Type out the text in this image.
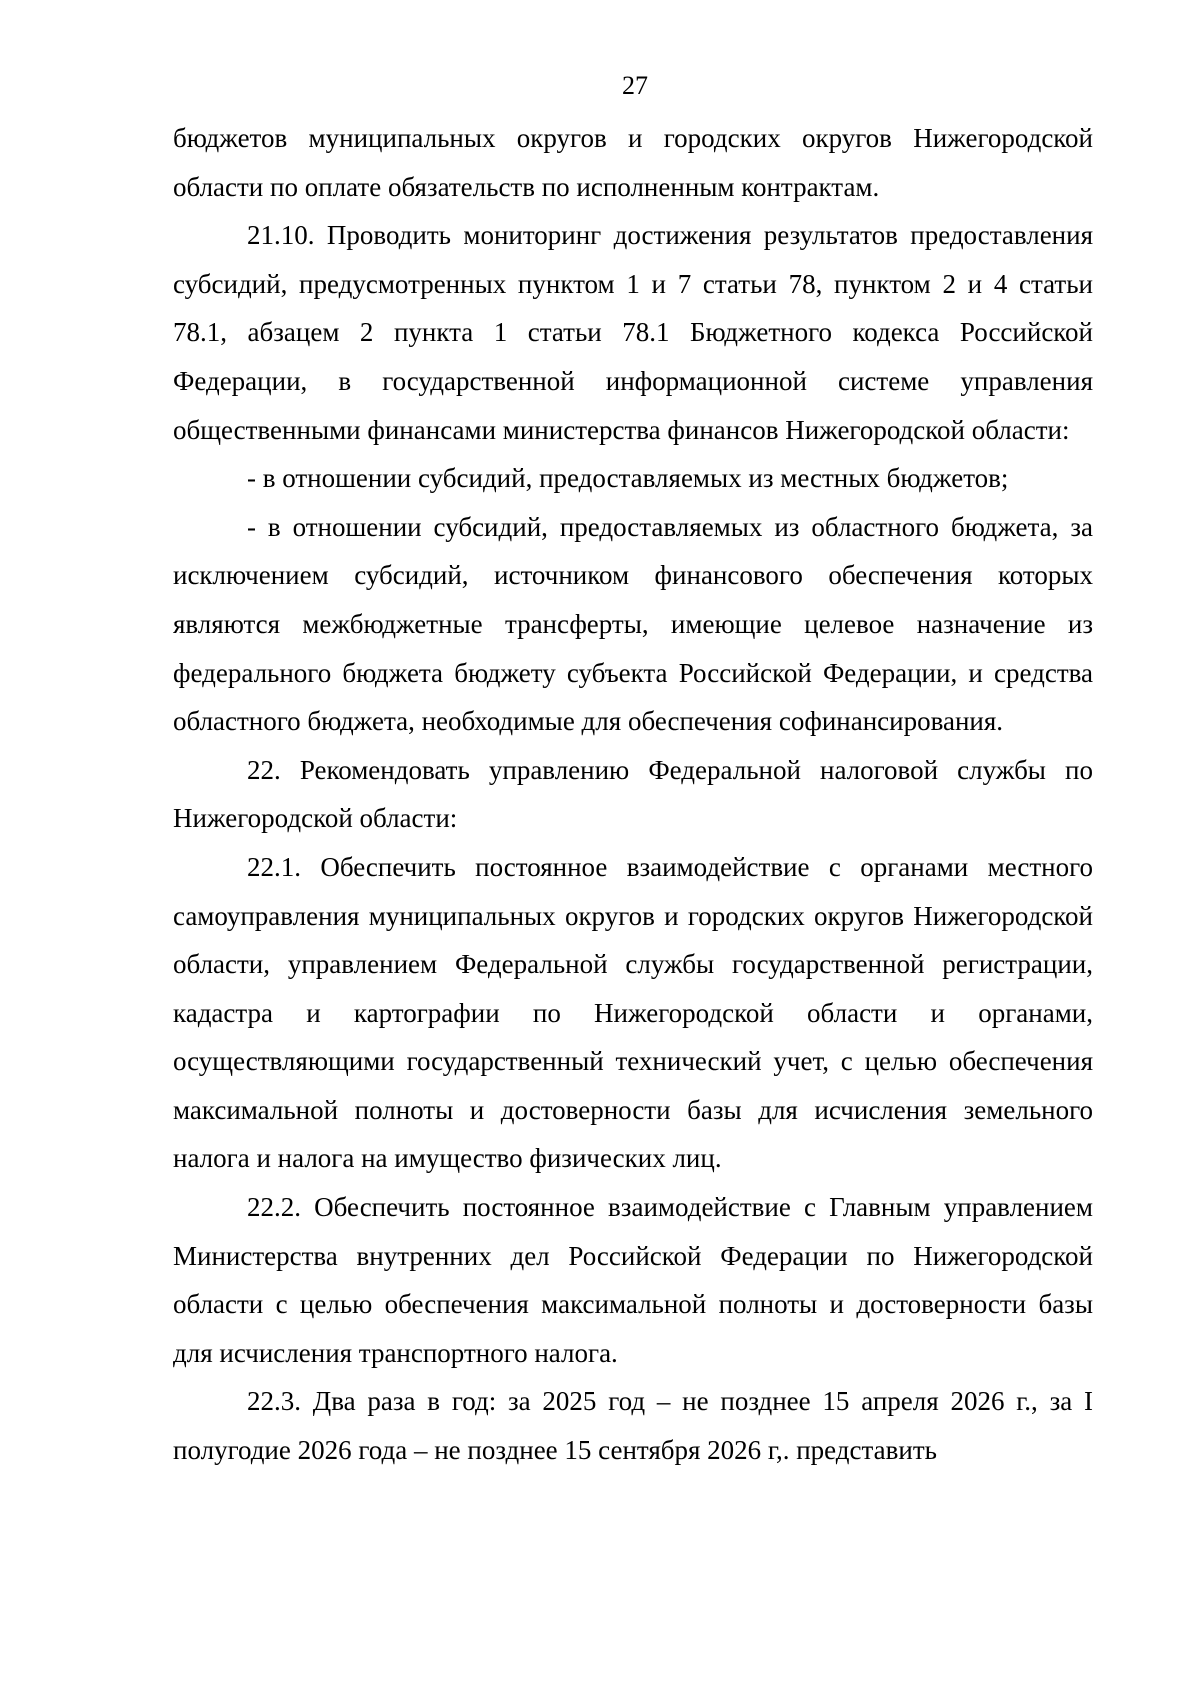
27

бюджетов муниципальных округов и городских округов Нижегородской области по оплате обязательств по исполненным контрактам.

21.10. Проводить мониторинг достижения результатов предоставления субсидий, предусмотренных пунктом 1 и 7 статьи 78, пунктом 2 и 4 статьи 78.1, абзацем 2 пункта 1 статьи 78.1 Бюджетного кодекса Российской Федерации, в государственной информационной системе управления общественными финансами министерства финансов Нижегородской области:

- в отношении субсидий, предоставляемых из местных бюджетов;

- в отношении субсидий, предоставляемых из областного бюджета, за исключением субсидий, источником финансового обеспечения которых являются межбюджетные трансферты, имеющие целевое назначение из федерального бюджета бюджету субъекта Российской Федерации, и средства областного бюджета, необходимые для обеспечения софинансирования.

22. Рекомендовать управлению Федеральной налоговой службы по Нижегородской области:

22.1. Обеспечить постоянное взаимодействие с органами местного самоуправления муниципальных округов и городских округов Нижегородской области, управлением Федеральной службы государственной регистрации, кадастра и картографии по Нижегородской области и органами, осуществляющими государственный технический учет, с целью обеспечения максимальной полноты и достоверности базы для исчисления земельного налога и налога на имущество физических лиц.

22.2. Обеспечить постоянное взаимодействие с Главным управлением Министерства внутренних дел Российской Федерации по Нижегородской области с целью обеспечения максимальной полноты и достоверности базы для исчисления транспортного налога.

22.3. Два раза в год: за 2025 год – не позднее 15 апреля 2026 г., за I полугодие 2026 года – не позднее 15 сентября 2026 г,. представить
